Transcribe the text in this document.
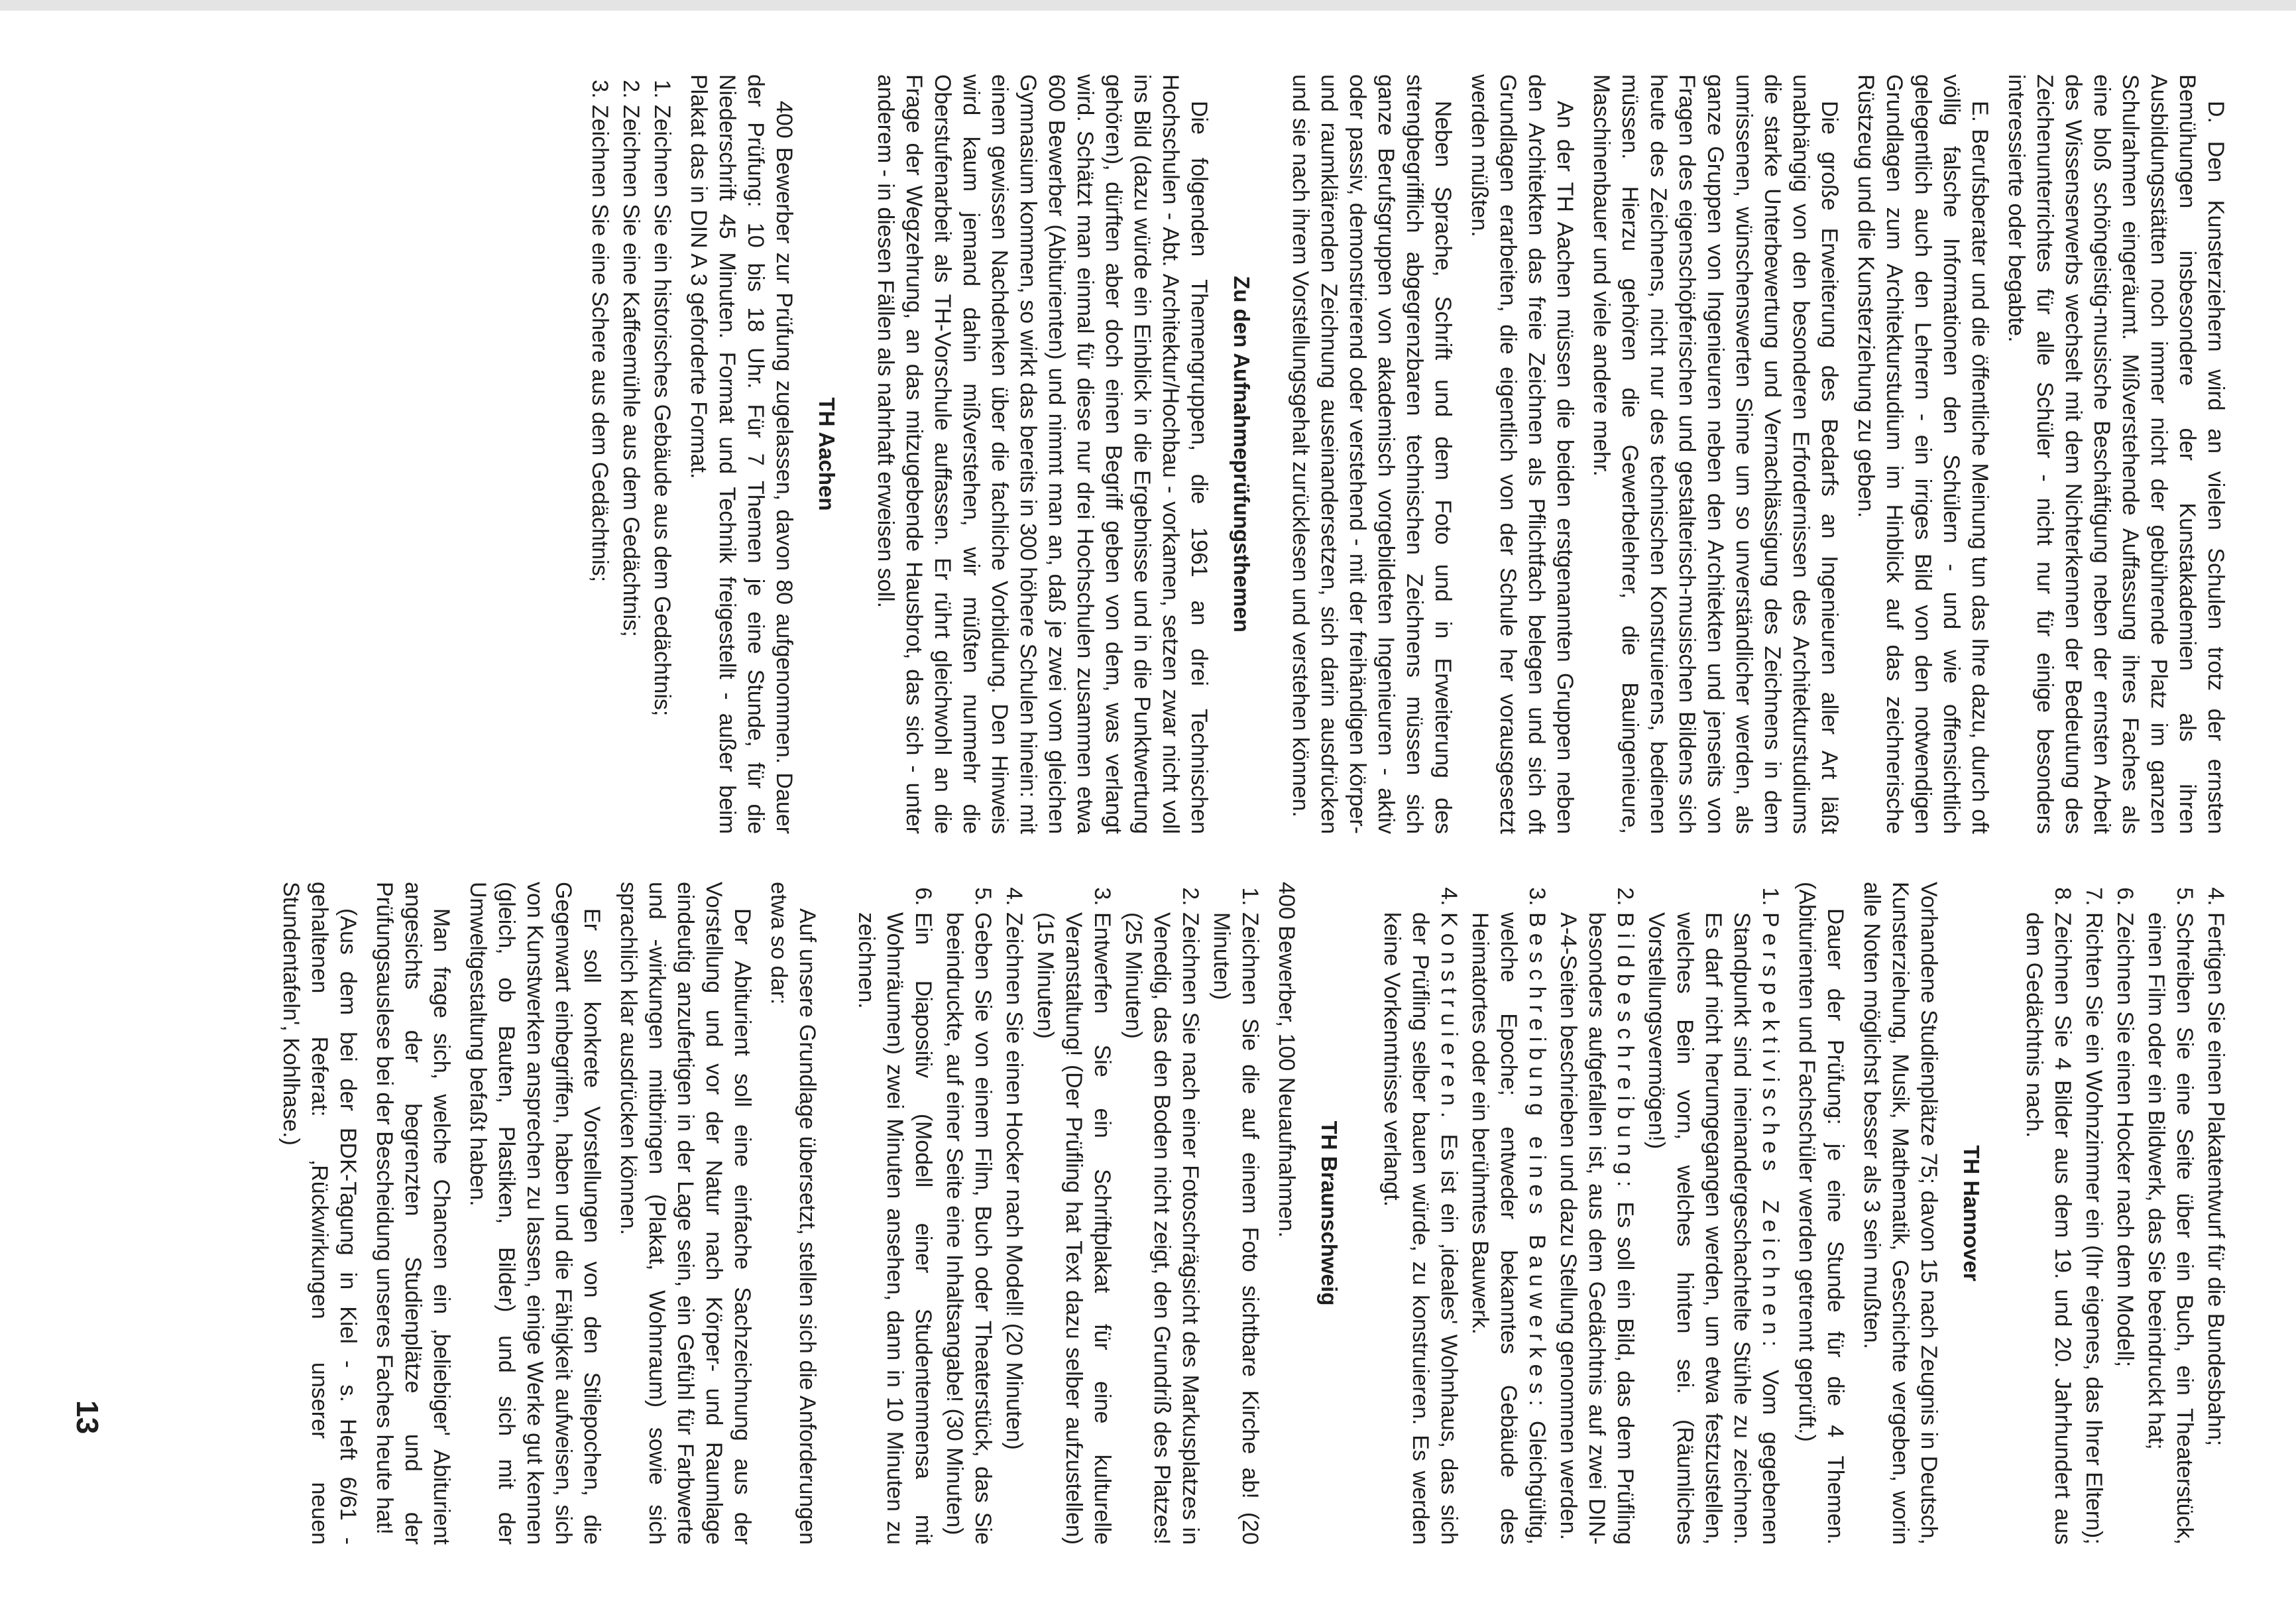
D. Den Kunsterziehern wird an vielen Schulen trotz der ernsten Bemühungen insbesondere der Kunstakademien als ihren Ausbildungsstätten noch immer nicht der gebührende Platz im ganzen Schulrahmen eingeräumt. Mißverstehende Auffassung ihres Faches als eine bloß schöngeistig-musische Beschäftigung neben der ernsten Arbeit des Wissenserwerbs wechselt mit dem Nichterkennen der Bedeutung des Zeichenunterrichtes für alle Schüler - nicht nur für einige besonders interessierte oder begabte.

E. Berufsberater und die öffentliche Meinung tun das Ihre dazu, durch oft völlig falsche Informationen den Schülern - und wie offensichtlich gelegentlich auch den Lehrern - ein irriges Bild von den notwendigen Grundlagen zum Architekturstudium im Hinblick auf das zeichnerische Rüstzeug und die Kunsterziehung zu geben.

Die große Erweiterung des Bedarfs an Ingenieuren aller Art läßt unabhängig von den besonderen Erfordernissen des Architekturstudiums die starke Unterbewertung und Vernachlässigung des Zeichnens in dem umrissenen, wünschenswerten Sinne um so unverständlicher werden, als ganze Gruppen von Ingenieuren neben den Architekten und jenseits von Fragen des eigenschöpferischen und gestalterisch-musischen Bildens sich heute des Zeichnens, nicht nur des technischen Konstruierens, bedienen müssen. Hierzu gehören die Gewerbelehrer, die Bauingenieure, Maschinenbauer und viele andere mehr.

An der TH Aachen müssen die beiden erstgenannten Gruppen neben den Architekten das freie Zeichnen als Pflichtfach belegen und sich oft Grundlagen erarbeiten, die eigentlich von der Schule her vorausgesetzt werden müßten.

Neben Sprache, Schrift und dem Foto und in Erweiterung des strengbegrifflich abgegrenzbaren technischen Zeichnens müssen sich ganze Berufsgruppen von akademisch vorgebildeten Ingenieuren - aktiv oder passiv, demonstrierend oder verstehend - mit der freihändigen körper- und raumklärenden Zeichnung auseinandersetzen, sich darin ausdrücken und sie nach ihrem Vorstellungsgehalt zurücklesen und verstehen können.

Zu den Aufnahmeprüfungsthemen

Die folgenden Themengruppen, die 1961 an drei Technischen Hochschulen - Abt. Architektur/Hochbau - vorkamen, setzen zwar nicht voll ins Bild (dazu würde ein Einblick in die Ergebnisse und in die Punktwertung gehören), dürften aber doch einen Begriff geben von dem, was verlangt wird. Schätzt man einmal für diese nur drei Hochschulen zusammen etwa 600 Bewerber (Abiturienten) und nimmt man an, daß je zwei vom gleichen Gymnasium kommen, so wirkt das bereits in 300 höhere Schulen hinein: mit einem gewissen Nachdenken über die fachliche Vorbildung. Den Hinweis wird kaum jemand dahin mißverstehen, wir müßten nunmehr die Oberstufenarbeit als TH-Vorschule auffassen. Er rührt gleichwohl an die Frage der Wegzehrung, an das mitzugebende Hausbrot, das sich - unter anderem - in diesen Fällen als nahrhaft erweisen soll.

TH Aachen

400 Bewerber zur Prüfung zugelassen, davon 80 aufgenommen. Dauer der Prüfung: 10 bis 18 Uhr. Für 7 Themen je eine Stunde, für die Niederschrift 45 Minuten. Format und Technik freigestellt - außer beim Plakat das in DIN A 3 geforderte Format.

1. Zeichnen Sie ein historisches Gebäude aus dem Gedächtnis;
2. Zeichnen Sie eine Kaffeemühle aus dem Gedächtnis;
3. Zeichnen Sie eine Schere aus dem Gedächtnis;
4. Fertigen Sie einen Plakatentwurf für die Bundesbahn;
5. Schreiben Sie eine Seite über ein Buch, ein Theaterstück, einen Film oder ein Bildwerk, das Sie beeindruckt hat;
6. Zeichnen Sie einen Hocker nach dem Modell;
7. Richten Sie ein Wohnzimmer ein (Ihr eigenes, das Ihrer Eltern);
8. Zeichnen Sie 4 Bilder aus dem 19. und 20. Jahrhundert aus dem Gedächtnis nach.
TH Hannover

Vorhandene Studienplätze 75; davon 15 nach Zeugnis in Deutsch, Kunsterziehung, Musik, Mathematik, Geschichte vergeben, worin alle Noten möglichst besser als 3 sein mußten.

Dauer der Prüfung: je eine Stunde für die 4 Themen. (Abiturienten und Fachschüler werden getrennt geprüft.)

1. Perspektivisches Zeichnen: Vom gegebenen Standpunkt sind ineinandergeschachtelte Stühle zu zeichnen. Es darf nicht herumgegangen werden, um etwa festzustellen, welches Bein vorn, welches hinten sei. (Räumliches Vorstellungsvermögen!)
2. Bildbeschreibung: Es soll ein Bild, das dem Prüfling besonders aufgefallen ist, aus dem Gedächtnis auf zwei DIN-A-4-Seiten beschrieben und dazu Stellung genommen werden.
3. Beschreibung eines Bauwerkes: Gleichgültig, welche Epoche; entweder bekanntes Gebäude des Heimatortes oder ein berühmtes Bauwerk.
4. Konstruieren. Es ist ein ‚ideales' Wohnhaus, das sich der Prüfling selber bauen würde, zu konstruieren. Es werden keine Vorkenntnisse verlangt.
TH Braunschweig

400 Bewerber, 100 Neuaufnahmen.

1. Zeichnen Sie die auf einem Foto sichtbare Kirche ab! (20 Minuten)
2. Zeichnen Sie nach einer Fotoschrägsicht des Markusplatzes in Venedig, das den Boden nicht zeigt, den Grundriß des Platzes! (25 Minuten)
3. Entwerfen Sie ein Schriftplakat für eine kulturelle Veranstaltung! (Der Prüfling hat Text dazu selber aufzustellen) (15 Minuten)
4. Zeichnen Sie einen Hocker nach Modell! (20 Minuten)
5. Geben Sie von einem Film, Buch oder Theaterstück, das Sie beeindruckte, auf einer Seite eine Inhaltsangabe! (30 Minuten)
6. Ein Diapositiv (Modell einer Studentenmensa mit Wohnräumen) zwei Minuten ansehen, dann in 10 Minuten zu zeichnen.

Auf unsere Grundlage übersetzt, stellen sich die Anforderungen etwa so dar:

Der Abiturient soll eine einfache Sachzeichnung aus der Vorstellung und vor der Natur nach Körper- und Raumlage eindeutig anzufertigen in der Lage sein, ein Gefühl für Farbwerte und -wirkungen mitbringen (Plakat, Wohnraum) sowie sich sprachlich klar ausdrücken können.

Er soll konkrete Vorstellungen von den Stilepochen, die Gegenwart einbegriffen, haben und die Fähigkeit aufweisen, sich von Kunstwerken ansprechen zu lassen, einige Werke gut kennen (gleich, ob Bauten, Plastiken, Bilder) und sich mit der Umweltgestaltung befaßt haben.

Man frage sich, welche Chancen ein ‚beliebiger' Abiturient angesichts der begrenzten Studienplätze und der Prüfungsauslese bei der Bescheidung unseres Faches heute hat!

(Aus dem bei der BDK-Tagung in Kiel - s. Heft 6/61 - gehaltenen Referat: ‚Rückwirkungen unserer neuen Stundentafeln', Kohlhase.)

13
